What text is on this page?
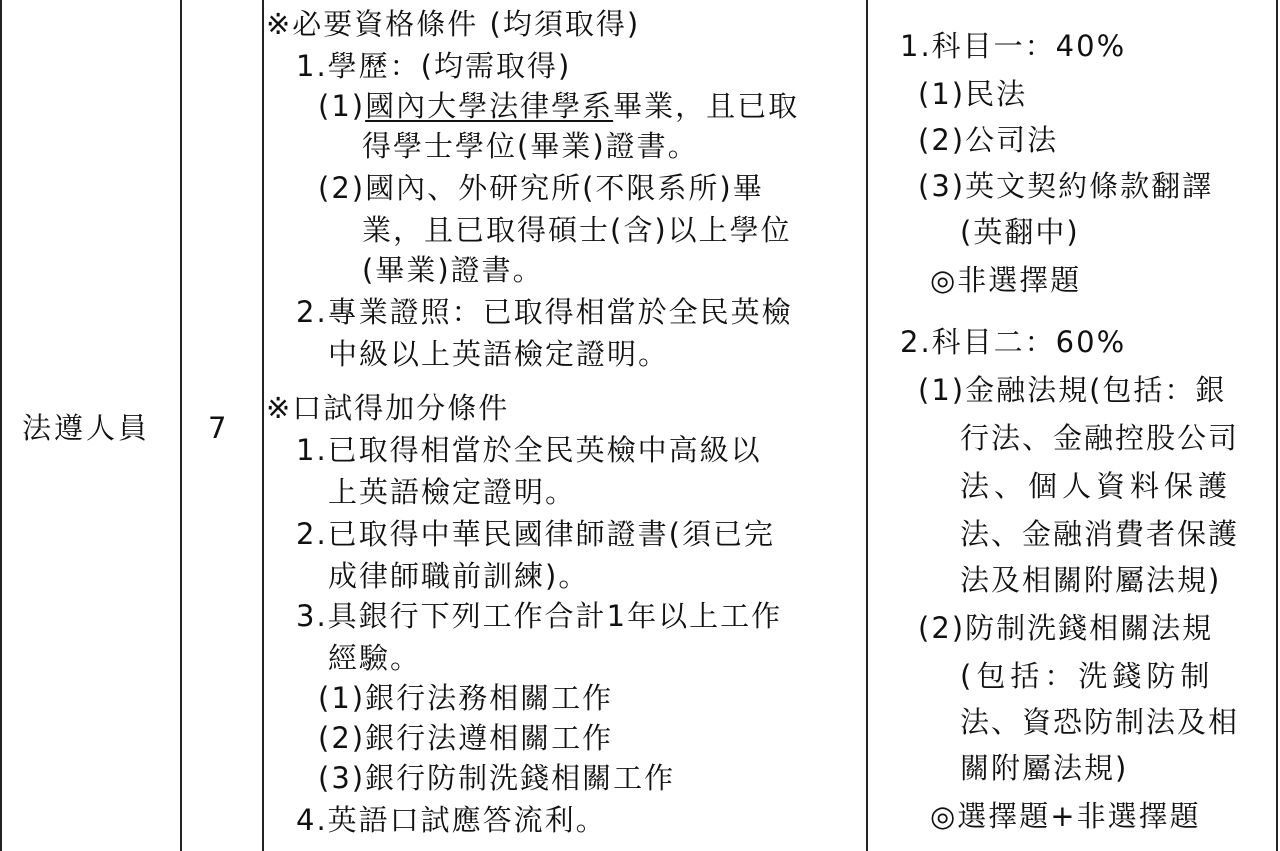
法遵人員 7
※必要資格條件 (均須取得)
1.學歷：(均需取得)
(1)國內大學法律學系畢業，且已取
得學士學位(畢業)證書。
(2)國內、外研究所(不限系所)畢
業，且已取得碩士(含)以上學位
(畢業)證書。
2.專業證照：已取得相當於全民英檢
中級以上英語檢定證明。
※口試得加分條件
1.已取得相當於全民英檢中高級以
上英語檢定證明。
2.已取得中華民國律師證書(須已完
成律師職前訓練)。
3.具銀行下列工作合計1年以上工作
經驗。
(1)銀行法務相關工作
(2)銀行法遵相關工作
(3)銀行防制洗錢相關工作
4.英語口試應答流利。
1.科目一：40%
(1)民法
(2)公司法
(3)英文契約條款翻譯
(英翻中)
◎非選擇題
2.科目二：60%
(1)金融法規(包括：銀
行法、金融控股公司
法、個人資料保護
法、金融消費者保護
法及相關附屬法規)
(2)防制洗錢相關法規
(包括：洗錢防制
法、資恐防制法及相
關附屬法規)
◎選擇題+非選擇題
